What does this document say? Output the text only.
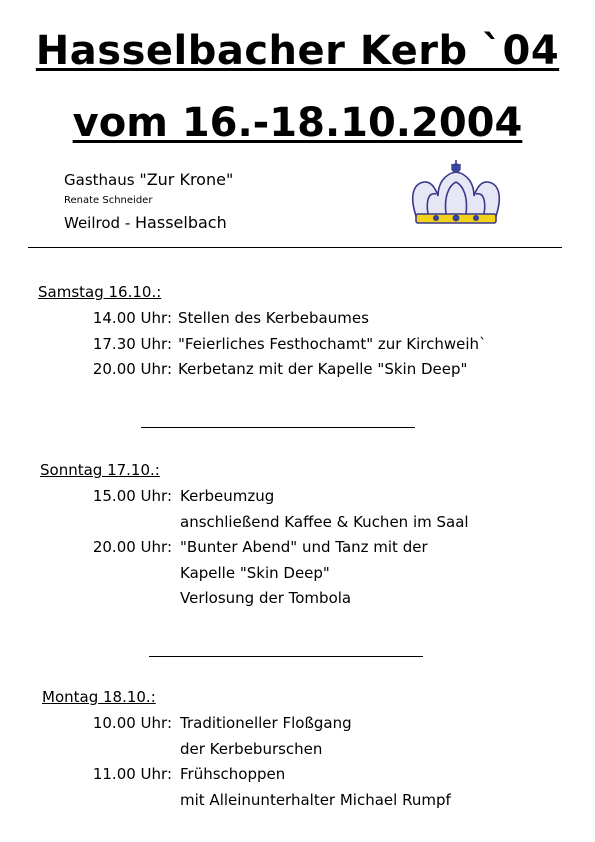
Hasselbacher Kerb `04
vom 16.-18.10.2004
Gasthaus "Zur Krone"
Renate Schneider
Weilrod - Hasselbach
Samstag 16.10.:
14.00 Uhr: Stellen des Kerbebaumes
17.30 Uhr: "Feierliches Festhochamt" zur Kirchweih`
20.00 Uhr: Kerbetanz mit der Kapelle "Skin Deep"
Sonntag 17.10.:
15.00 Uhr: Kerbeumzug
anschließend Kaffee & Kuchen im Saal
20.00 Uhr: "Bunter Abend" und Tanz mit der
Kapelle "Skin Deep"
Verlosung der Tombola
Montag 18.10.:
10.00 Uhr: Traditioneller Floßgang
der Kerbeburschen
11.00 Uhr: Frühschoppen
mit Alleinunterhalter Michael Rumpf
